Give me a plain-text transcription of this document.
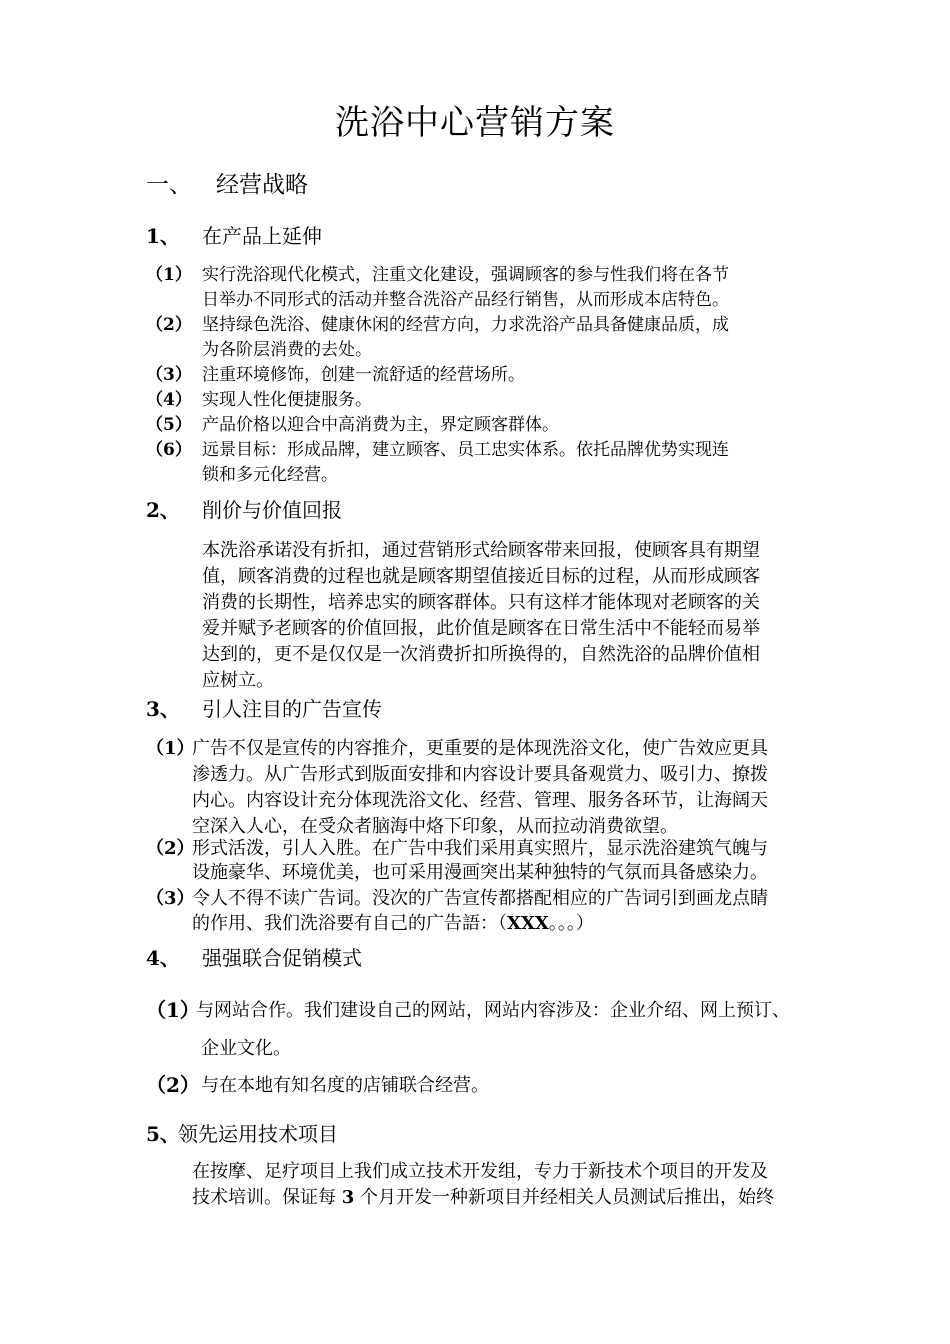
洗浴中心营销方案
一、 经营战略
1、 在产品上延伸
（1） 实行洗浴现代化模式，注重文化建设，强调顾客的参与性我们将在各节
日举办不同形式的活动并整合洗浴产品经行销售，从而形成本店特色。
（2） 坚持绿色洗浴、健康休闲的经营方向，力求洗浴产品具备健康品质，成
为各阶层消费的去处。
（3） 注重环境修饰，创建一流舒适的经营场所。
（4） 实现人性化便捷服务。
（5） 产品价格以迎合中高消费为主，界定顾客群体。
（6） 远景目标：形成品牌，建立顾客、员工忠实体系。依托品牌优势实现连
锁和多元化经营。
2、 削价与价值回报
本洗浴承诺没有折扣，通过营销形式给顾客带来回报，使顾客具有期望
值，顾客消费的过程也就是顾客期望值接近目标的过程，从而形成顾客
消费的长期性，培养忠实的顾客群体。只有这样才能体现对老顾客的关
爱并赋予老顾客的价值回报，此价值是顾客在日常生活中不能轻而易举
达到的，更不是仅仅是一次消费折扣所换得的，自然洗浴的品牌价值相
应树立。
3、 引人注目的广告宣传
（1）
广告不仅是宣传的内容推介，更重要的是体现洗浴文化，使广告效应更具
渗透力。从广告形式到版面安排和内容设计要具备观赏力、吸引力、撩拨
内心。内容设计充分体现洗浴文化、经营、管理、服务各环节，让海阔天
空深入人心，在受众者脑海中烙下印象，从而拉动消费欲望。
（2）
形式活泼，引人入胜。在广告中我们采用真实照片，显示洗浴建筑气魄与
设施豪华、环境优美，也可采用漫画突出某种独特的气氛而具备感染力。
（3）
令人不得不读广告词。没次的广告宣传都搭配相应的广告词引到画龙点睛
的作用、我们洗浴要有自己的广告語：（XXX。。。）
4、 强强联合促销模式
（1）
与网站合作。我们建设自己的网站，网站内容涉及：企业介绍、网上预订、
企业文化。
（2） 与在本地有知名度的店铺联合经营。
5、
领先运用技术项目
在按摩、足疗项目上我们成立技术开发组，专力于新技术个项目的开发及
技术培训。保证每 3 个月开发一种新项目并经相关人员测试后推出，始终
